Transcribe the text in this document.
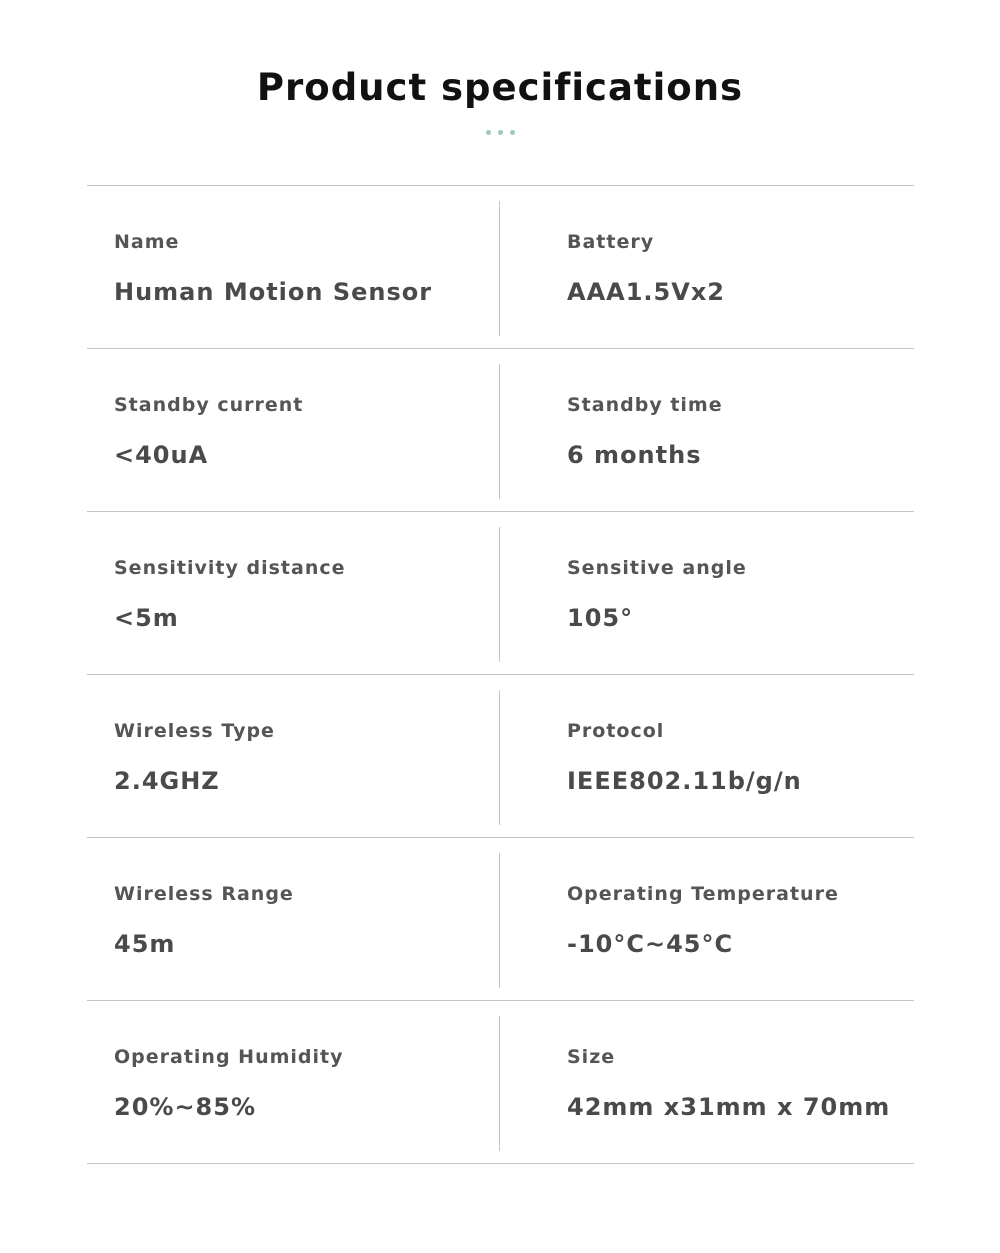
Product specifications
Name
Human Motion Sensor
Battery
AAA1.5Vx2
Standby current
<40uA
Standby time
6 months
Sensitivity distance
<5m
Sensitive angle
105°
Wireless Type
2.4GHZ
Protocol
IEEE802.11b/g/n
Wireless Range
45m
Operating Temperature
-10°C~45°C
Operating Humidity
20%~85%
Size
42mm x31mm x 70mm
